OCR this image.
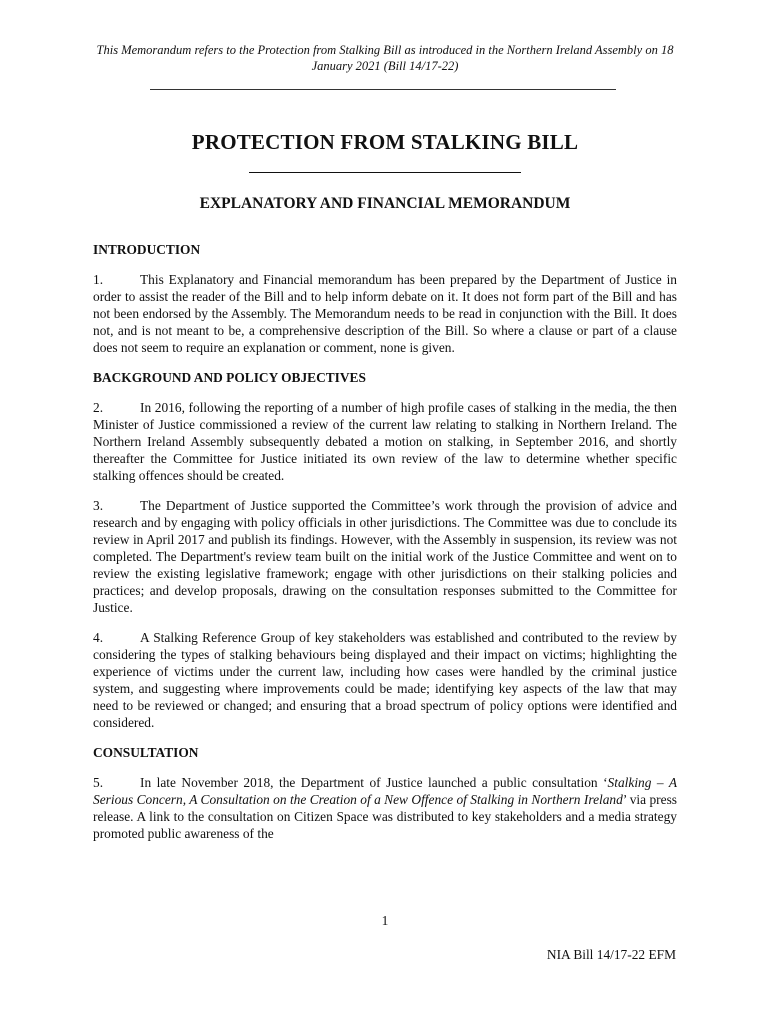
This Memorandum refers to the Protection from Stalking Bill as introduced in the Northern Ireland Assembly on 18 January 2021 (Bill 14/17-22)
PROTECTION FROM STALKING BILL
EXPLANATORY AND FINANCIAL MEMORANDUM

INTRODUCTION

1.	This Explanatory and Financial memorandum has been prepared by the Department of Justice in order to assist the reader of the Bill and to help inform debate on it. It does not form part of the Bill and has not been endorsed by the Assembly. The Memorandum needs to be read in conjunction with the Bill. It does not, and is not meant to be, a comprehensive description of the Bill. So where a clause or part of a clause does not seem to require an explanation or comment, none is given.

BACKGROUND AND POLICY OBJECTIVES

2.	In 2016, following the reporting of a number of high profile cases of stalking in the media, the then Minister of Justice commissioned a review of the current law relating to stalking in Northern Ireland. The Northern Ireland Assembly subsequently debated a motion on stalking, in September 2016, and shortly thereafter the Committee for Justice initiated its own review of the law to determine whether specific stalking offences should be created.

3.	The Department of Justice supported the Committee’s work through the provision of advice and research and by engaging with policy officials in other jurisdictions. The Committee was due to conclude its review in April 2017 and publish its findings. However, with the Assembly in suspension, its review was not completed. The Department's review team built on the initial work of the Justice Committee and went on to review the existing legislative framework; engage with other jurisdictions on their stalking policies and practices; and develop proposals, drawing on the consultation responses submitted to the Committee for Justice.

4.	A Stalking Reference Group of key stakeholders was established and contributed to the review by considering the types of stalking behaviours being displayed and their impact on victims; highlighting the experience of victims under the current law, including how cases were handled by the criminal justice system, and suggesting where improvements could be made; identifying key aspects of the law that may need to be reviewed or changed; and ensuring that a broad spectrum of policy options were identified and considered.

CONSULTATION

5.	In late November 2018, the Department of Justice launched a public consultation ‘Stalking – A Serious Concern, A Consultation on the Creation of a New Offence of Stalking in Northern Ireland’ via press release. A link to the consultation on Citizen Space was distributed to key stakeholders and a media strategy promoted public awareness of the

1
NIA Bill 14/17-22 EFM
